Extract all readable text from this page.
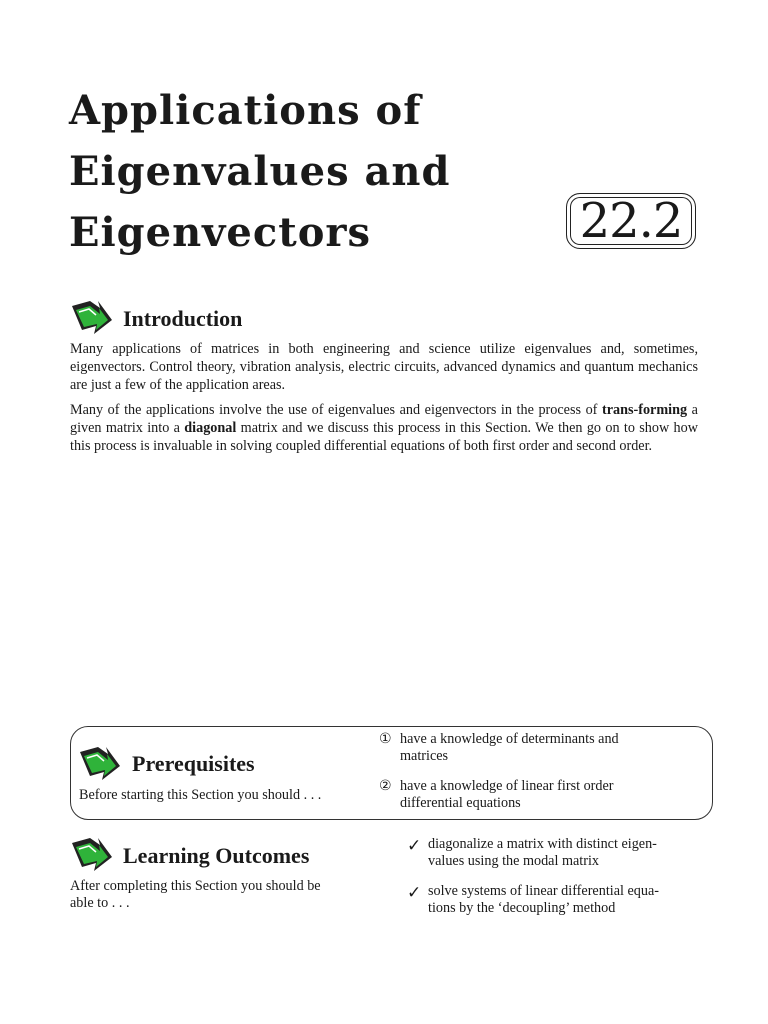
Applications of
Eigenvalues and
Eigenvectors	22.2
Introduction
Many applications of matrices in both engineering and science utilize eigenvalues and, sometimes, eigenvectors. Control theory, vibration analysis, electric circuits, advanced dynamics and quantum mechanics are just a few of the application areas.
Many of the applications involve the use of eigenvalues and eigenvectors in the process of trans-forming a given matrix into a diagonal matrix and we discuss this process in this Section. We then go on to show how this process is invaluable in solving coupled differential equations of both first order and second order.
Prerequisites
Before starting this Section you should . . .
① have a knowledge of determinants and
matrices
② have a knowledge of linear first order
differential equations
Learning Outcomes
After completing this Section you should be
able to . . .
✓ diagonalize a matrix with distinct eigen-
values using the modal matrix
✓ solve systems of linear differential equa-
tions by the ‘decoupling’ method
